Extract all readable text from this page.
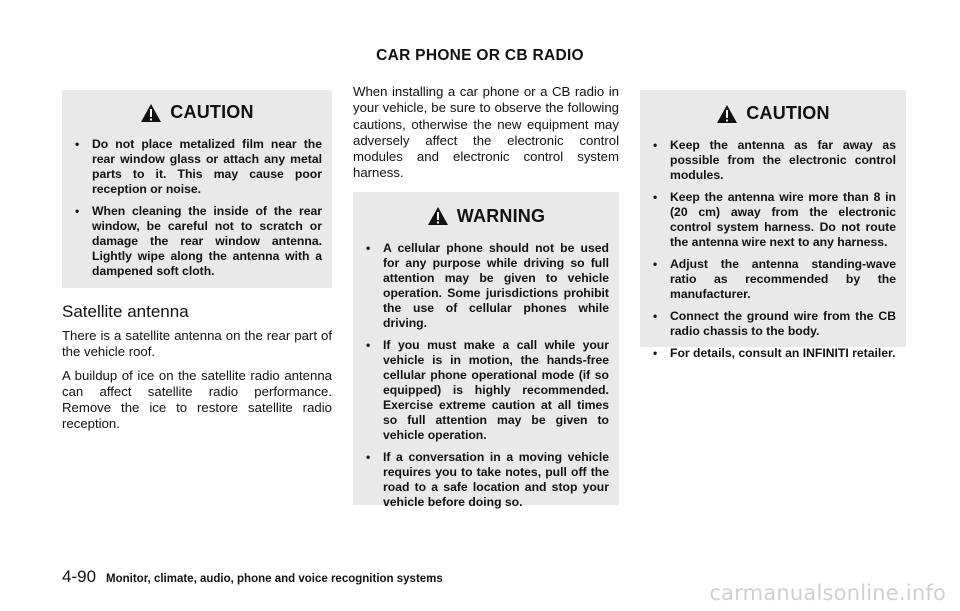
CAR PHONE OR CB RADIO
CAUTION
• Do not place metalized film near the rear window glass or attach any metal parts to it. This may cause poor reception or noise.
• When cleaning the inside of the rear window, be careful not to scratch or damage the rear window antenna. Lightly wipe along the antenna with a dampened soft cloth.
Satellite antenna

There is a satellite antenna on the rear part of the vehicle roof.

A buildup of ice on the satellite radio antenna can affect satellite radio performance. Remove the ice to restore satellite radio reception.

When installing a car phone or a CB radio in your vehicle, be sure to observe the following cautions, otherwise the new equipment may adversely affect the electronic control modules and electronic control system harness.

WARNING
• A cellular phone should not be used for any purpose while driving so full attention may be given to vehicle operation. Some jurisdictions prohibit the use of cellular phones while driving.
• If you must make a call while your vehicle is in motion, the hands-free cellular phone operational mode (if so equipped) is highly recommended. Exercise extreme caution at all times so full attention may be given to vehicle operation.
• If a conversation in a moving vehicle requires you to take notes, pull off the road to a safe location and stop your vehicle before doing so.
CAUTION
• Keep the antenna as far away as possible from the electronic control modules.
• Keep the antenna wire more than 8 in (20 cm) away from the electronic control system harness. Do not route the antenna wire next to any harness.
• Adjust the antenna standing-wave ratio as recommended by the manufacturer.
• Connect the ground wire from the CB radio chassis to the body.
• For details, consult an INFINITI retailer.
4-90 Monitor, climate, audio, phone and voice recognition systems
carmanualsonline.info
